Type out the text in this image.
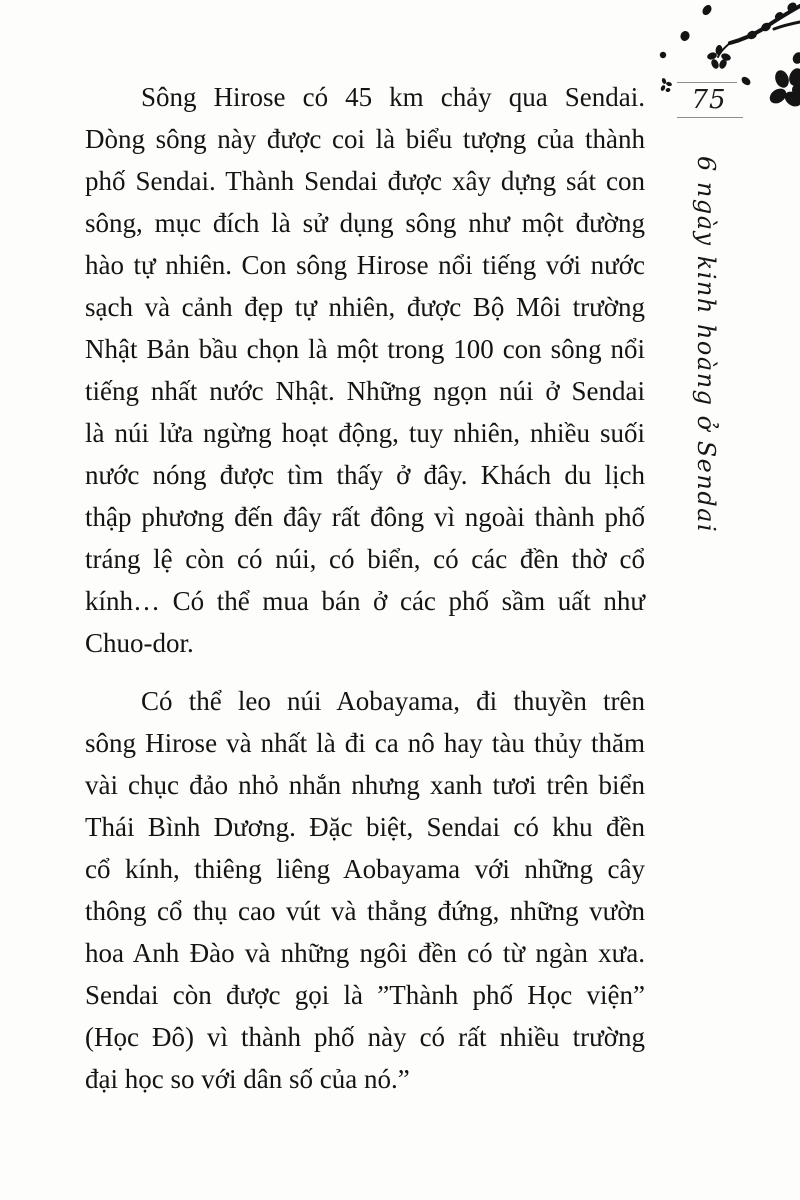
75
6 ngày kinh hoàng ở Sendai

Sông Hirose có 45 km chảy qua Sendai.
Dòng sông này được coi là biểu tượng của thành
phố Sendai. Thành Sendai được xây dựng sát con
sông, mục đích là sử dụng sông như một đường
hào tự nhiên. Con sông Hirose nổi tiếng với nước
sạch và cảnh đẹp tự nhiên, được Bộ Môi trường
Nhật Bản bầu chọn là một trong 100 con sông nổi
tiếng nhất nước Nhật. Những ngọn núi ở Sendai
là núi lửa ngừng hoạt động, tuy nhiên, nhiều suối
nước nóng được tìm thấy ở đây. Khách du lịch
thập phương đến đây rất đông vì ngoài thành phố
tráng lệ còn có núi, có biển, có các đền thờ cổ
kính… Có thể mua bán ở các phố sầm uất như
Chuo-dor.

Có thể leo núi Aobayama, đi thuyền trên
sông Hirose và nhất là đi ca nô hay tàu thủy thăm
vài chục đảo nhỏ nhắn nhưng xanh tươi trên biển
Thái Bình Dương. Đặc biệt, Sendai có khu đền
cổ kính, thiêng liêng Aobayama với những cây
thông cổ thụ cao vút và thẳng đứng, những vườn
hoa Anh Đào và những ngôi đền có từ ngàn xưa.
Sendai còn được gọi là ”Thành phố Học viện”
(Học Đô) vì thành phố này có rất nhiều trường
đại học so với dân số của nó.”
